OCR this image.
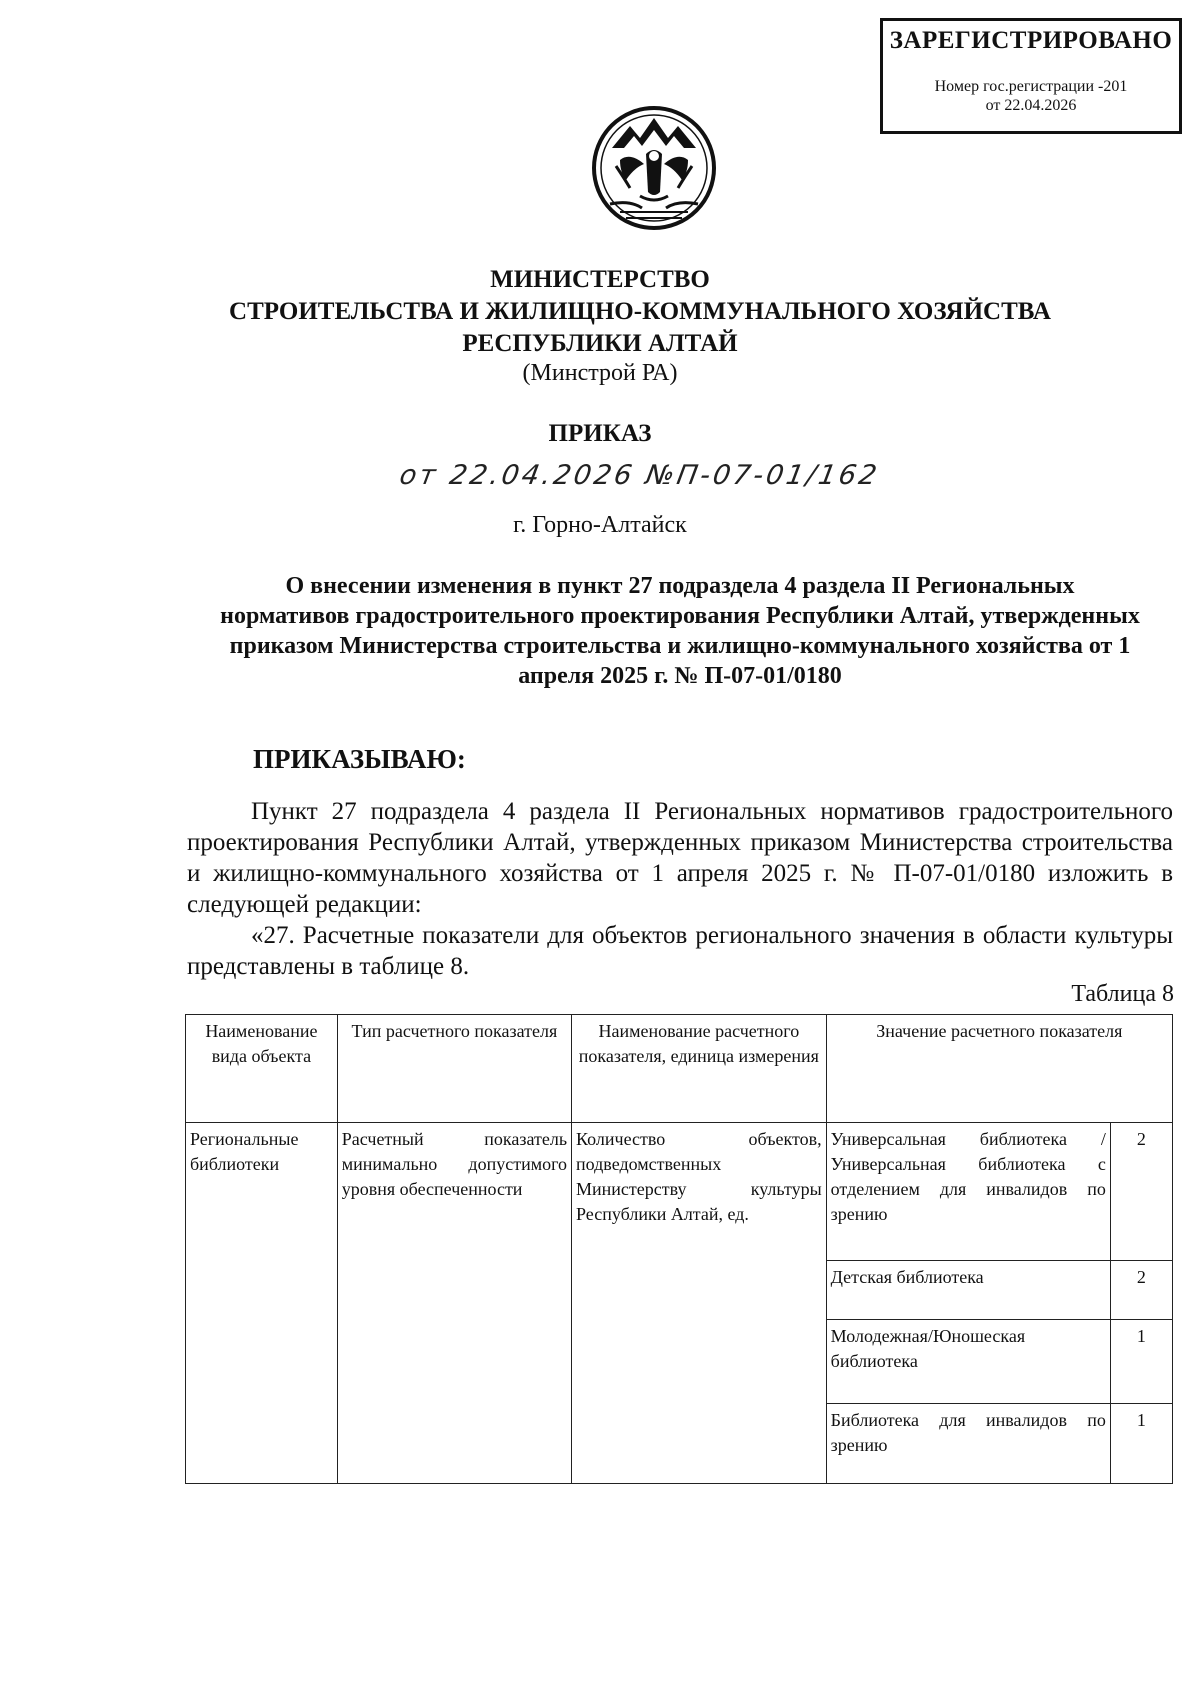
ЗАРЕГИСТРИРОВАНО
Номер гос.регистрации -201
от 22.04.2026
МИНИСТЕРСТВО
СТРОИТЕЛЬСТВА И ЖИЛИЩНО-КОММУНАЛЬНОГО ХОЗЯЙСТВА
РЕСПУБЛИКИ АЛТАЙ
(Минстрой РА)
ПРИКАЗ
от 22.04.2026 №П-07-01/162
г. Горно-Алтайск
О внесении изменения в пункт 27 подраздела 4 раздела II Региональных нормативов градостроительного проектирования Республики Алтай, утвержденных приказом Министерства строительства и жилищно-коммунального хозяйства от 1 апреля 2025 г. № П-07-01/0180
ПРИКАЗЫВАЮ:
Пункт 27 подраздела 4 раздела II Региональных нормативов градостроительного проектирования Республики Алтай, утвержденных приказом Министерства строительства и жилищно-коммунального хозяйства от 1 апреля 2025 г. № П-07-01/0180 изложить в следующей редакции:
«27. Расчетные показатели для объектов регионального значения в области культуры представлены в таблице 8.
Таблица 8
Наименование вида объекта	Тип расчетного показателя	Наименование расчетного показателя, единица измерения	Значение расчетного показателя	
Региональные библиотеки	Расчетный показатель минимально допустимого уровня обеспеченности	Количество объектов, подведомственных Министерству культуры Республики Алтай, ед.	Универсальная библиотека /Универсальная библиотека с отделением для инвалидов по зрению	2
			Детская библиотека	2
			Молодежная/Юношеская библиотека	1
			Библиотека для инвалидов по зрению	1
